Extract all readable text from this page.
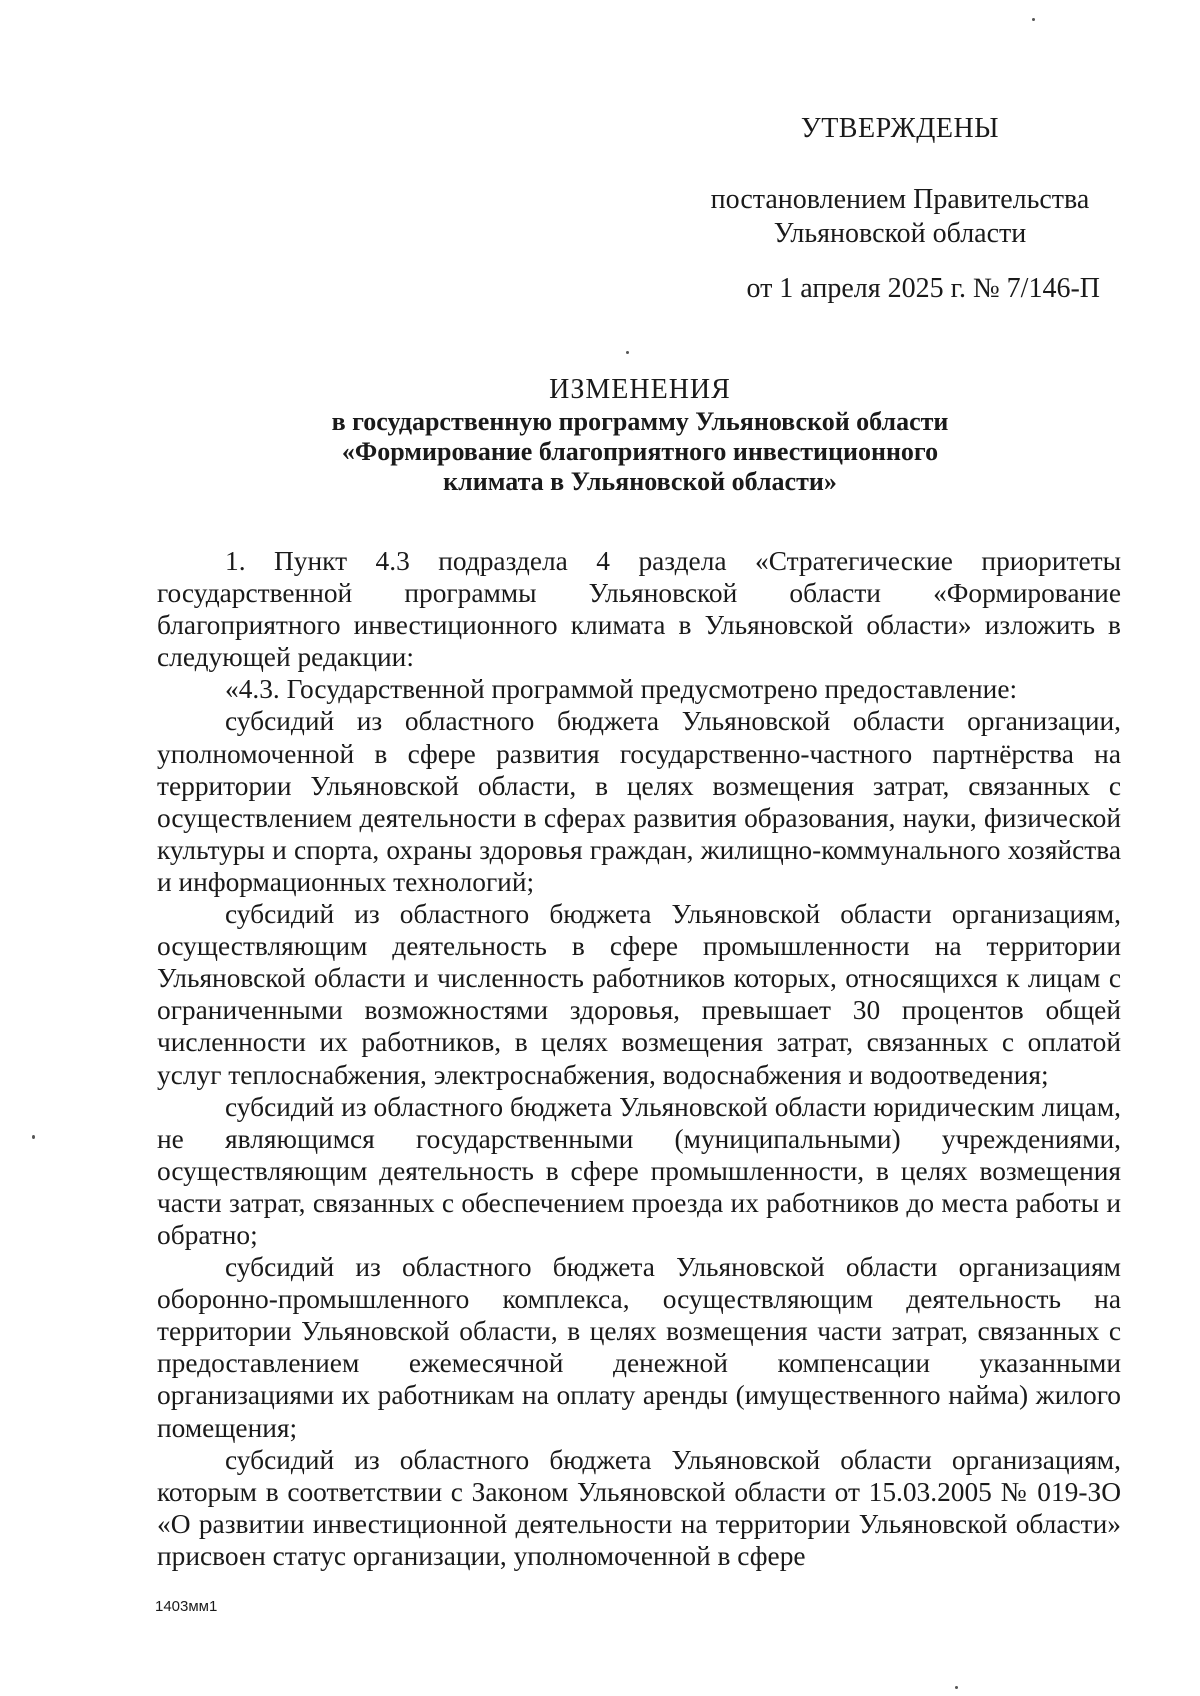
УТВЕРЖДЕНЫ
постановлением Правительства
Ульяновской области
от 1 апреля 2025 г. № 7/146-П
ИЗМЕНЕНИЯ
в государственную программу Ульяновской области
«Формирование благоприятного инвестиционного
климата в Ульяновской области»

1. Пункт 4.3 подраздела 4 раздела «Стратегические приоритеты государственной программы Ульяновской области «Формирование благоприятного инвестиционного климата в Ульяновской области» изложить в следующей редакции:

«4.3. Государственной программой предусмотрено предоставление:

субсидий из областного бюджета Ульяновской области организации, уполномоченной в сфере развития государственно-частного партнёрства на территории Ульяновской области, в целях возмещения затрат, связанных с осуществлением деятельности в сферах развития образования, науки, физической культуры и спорта, охраны здоровья граждан, жилищно-коммунального хозяйства и информационных технологий;

субсидий из областного бюджета Ульяновской области организациям, осуществляющим деятельность в сфере промышленности на территории Ульяновской области и численность работников которых, относящихся к лицам с ограниченными возможностями здоровья, превышает 30 процентов общей численности их работников, в целях возмещения затрат, связанных с оплатой услуг теплоснабжения, электроснабжения, водоснабжения и водоотведения;

субсидий из областного бюджета Ульяновской области юридическим лицам, не являющимся государственными (муниципальными) учреждениями, осуществляющим деятельность в сфере промышленности, в целях возмещения части затрат, связанных с обеспечением проезда их работников до места работы и обратно;

субсидий из областного бюджета Ульяновской области организациям оборонно-промышленного комплекса, осуществляющим деятельность на территории Ульяновской области, в целях возмещения части затрат, связанных с предоставлением ежемесячной денежной компенсации указанными организациями их работникам на оплату аренды (имущественного найма) жилого помещения;

субсидий из областного бюджета Ульяновской области организациям, которым в соответствии с Законом Ульяновской области от 15.03.2005 № 019-ЗО «О развитии инвестиционной деятельности на территории Ульяновской области» присвоен статус организации, уполномоченной в сфере

1403мм1
